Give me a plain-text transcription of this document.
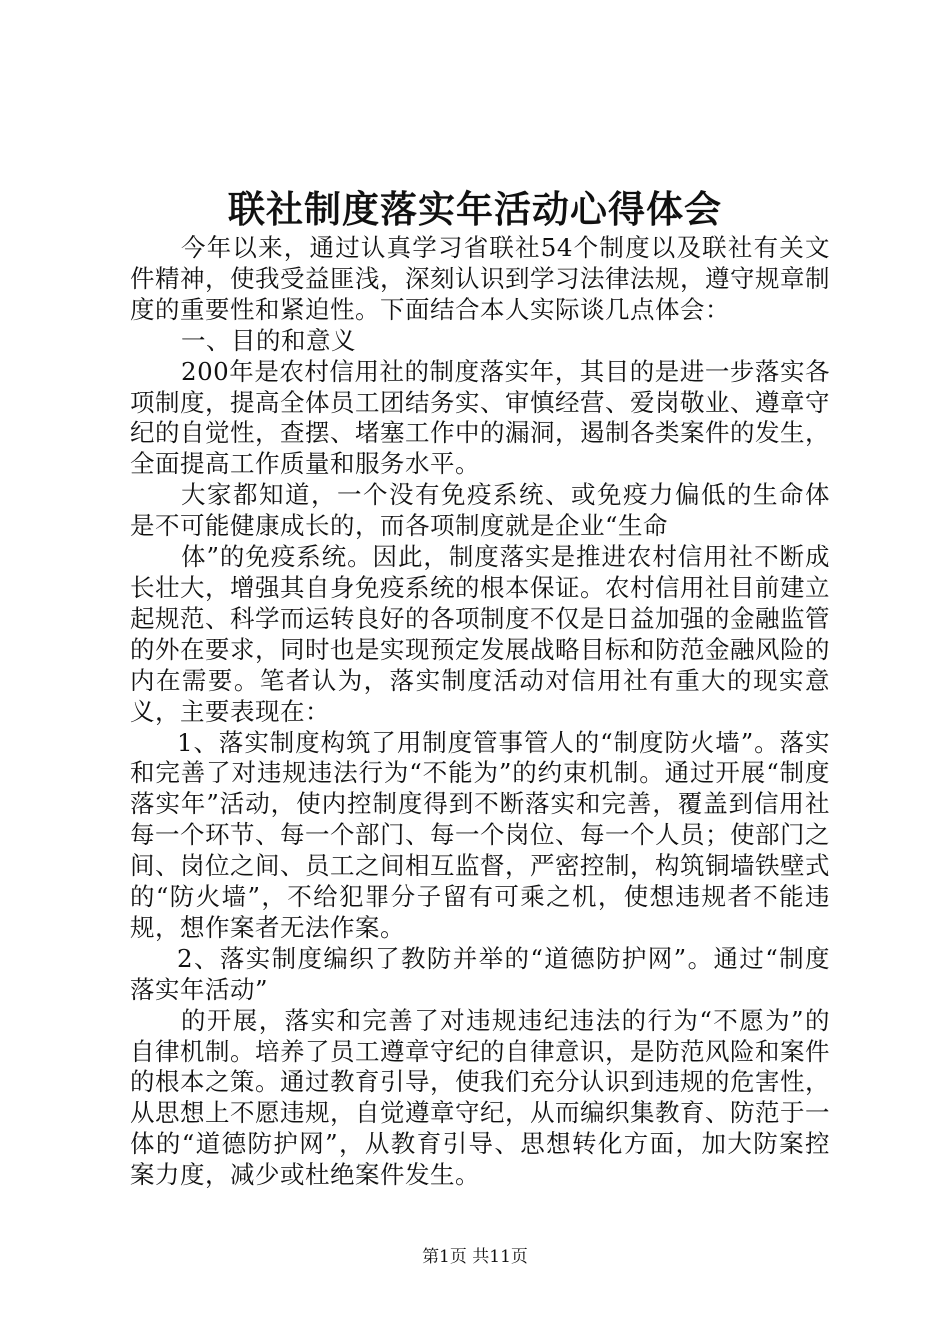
联社制度落实年活动心得体会

今年以来，通过认真学习省联社54个制度以及联社有关文件精神，使我受益匪浅，深刻认识到学习法律法规，遵守规章制度的重要性和紧迫性。下面结合本人实际谈几点体会：

一、目的和意义

200年是农村信用社的制度落实年，其目的是进一步落实各项制度，提高全体员工团结务实、审慎经营、爱岗敬业、遵章守纪的自觉性，查摆、堵塞工作中的漏洞，遏制各类案件的发生，全面提高工作质量和服务水平。

大家都知道，一个没有免疫系统、或免疫力偏低的生命体是不可能健康成长的，而各项制度就是企业“生命

体”的免疫系统。因此，制度落实是推进农村信用社不断成长壮大，增强其自身免疫系统的根本保证。农村信用社目前建立起规范、科学而运转良好的各项制度不仅是日益加强的金融监管的外在要求，同时也是实现预定发展战略目标和防范金融风险的内在需要。笔者认为，落实制度活动对信用社有重大的现实意义，主要表现在：

1、落实制度构筑了用制度管事管人的“制度防火墙”。落实和完善了对违规违法行为“不能为”的约束机制。通过开展“制度落实年”活动，使内控制度得到不断落实和完善，覆盖到信用社每一个环节、每一个部门、每一个岗位、每一个人员；使部门之间、岗位之间、员工之间相互监督，严密控制，构筑铜墙铁壁式的“防火墙”，不给犯罪分子留有可乘之机，使想违规者不能违规，想作案者无法作案。

2、落实制度编织了教防并举的“道德防护网”。通过“制度落实年活动”

的开展，落实和完善了对违规违纪违法的行为“不愿为”的自律机制。培养了员工遵章守纪的自律意识，是防范风险和案件的根本之策。通过教育引导，使我们充分认识到违规的危害性，从思想上不愿违规，自觉遵章守纪，从而编织集教育、防范于一体的“道德防护网”，从教育引导、思想转化方面，加大防案控案力度，减少或杜绝案件发生。

第1页 共11页
